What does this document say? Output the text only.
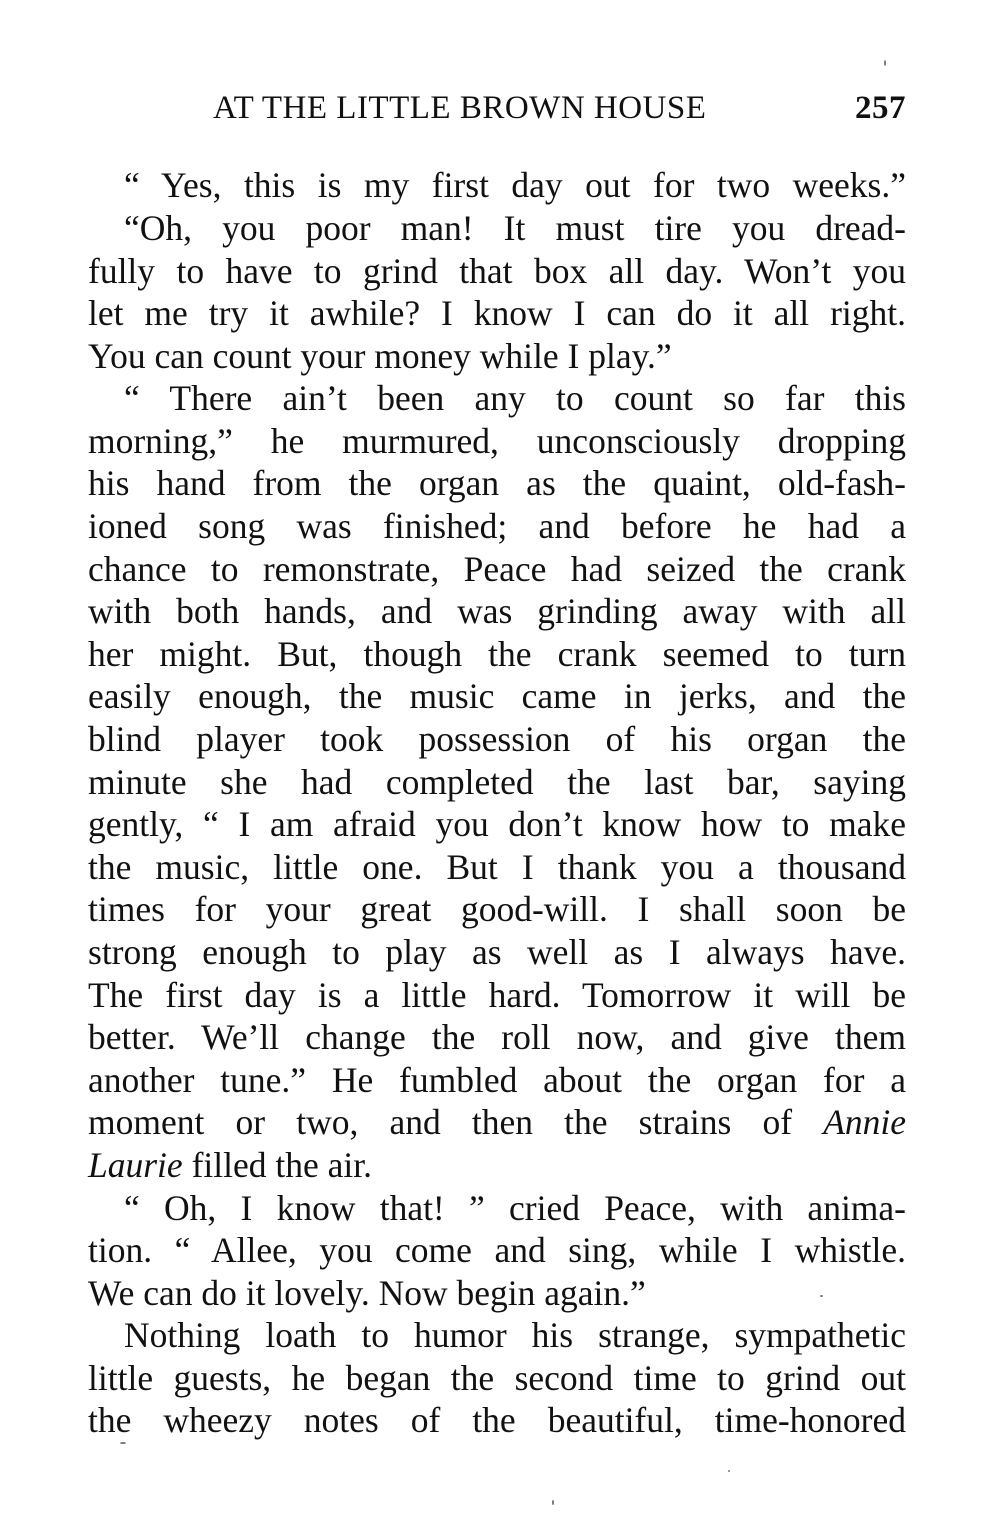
AT THE LITTLE BROWN HOUSE	257
“ Yes, this is my first day out for two weeks.”
“Oh, you poor man! It must tire you dread-
fully to have to grind that box all day. Won’t you
let me try it awhile? I know I can do it all right.
You can count your money while I play.”
“ There ain’t been any to count so far this
morning,” he murmured, unconsciously dropping
his hand from the organ as the quaint, old-fash-
ioned song was finished; and before he had a
chance to remonstrate, Peace had seized the crank
with both hands, and was grinding away with all
her might. But, though the crank seemed to turn
easily enough, the music came in jerks, and the
blind player took possession of his organ the
minute she had completed the last bar, saying
gently, “ I am afraid you don’t know how to make
the music, little one. But I thank you a thousand
times for your great good-will. I shall soon be
strong enough to play as well as I always have.
The first day is a little hard. Tomorrow it will be
better. We’ll change the roll now, and give them
another tune.” He fumbled about the organ for a
moment or two, and then the strains of Annie
Laurie filled the air.
“ Oh, I know that! ” cried Peace, with anima-
tion. “ Allee, you come and sing, while I whistle.
We can do it lovely. Now begin again.”
Nothing loath to humor his strange, sympathetic
little guests, he began the second time to grind out
the wheezy notes of the beautiful, time-honored
